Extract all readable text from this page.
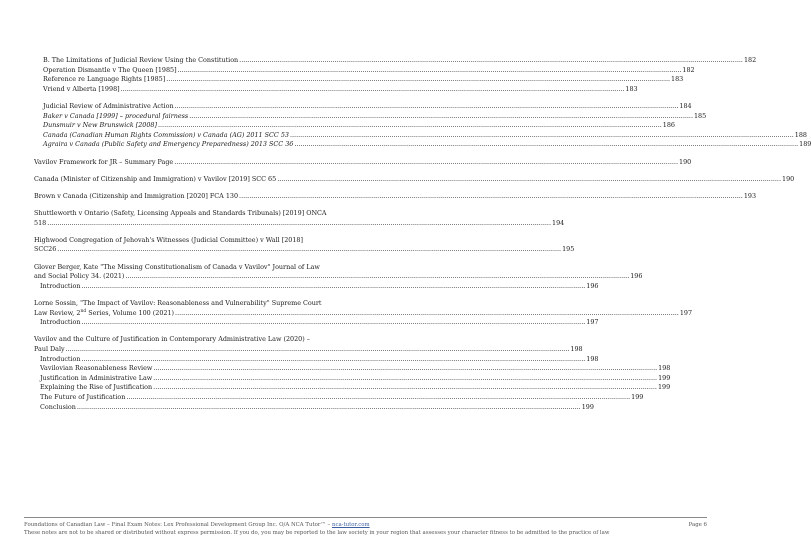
B. The Limitations of Judicial Review Using the Constitution .....	182
Operation Dismantle v The Queen [1985] .....	182
Reference re Language Rights [1985] .....	183
Vriend v Alberta [1998] .....	183
Judicial Review of Administrative Action .....	184
Baker v Canada [1999] – procedural fairness .....	185
Dunsmuir v New Brunswick [2008] .....	186
Canada (Canadian Human Rights Commission) v Canada (AG) 2011 SCC 53 .....	188
Agraira v Canada (Public Safety and Emergency Preparedness) 2013 SCC 36 .....	189
Vavilov Framework for JR – Summary Page .....	190
Canada (Minister of Citizenship and Immigration) v Vavilov [2019] SCC 65 .....	190
Brown v Canada (Citizenship and Immigration [2020] FCA 130 .....	193
Shuttleworth v Ontario (Safety, Licensing Appeals and Standards Tribunals) [2019] ONCA
518 .....	194
Highwood Congregation of Jehovah's Witnesses (Judicial Committee) v Wall [2018]
SCC26 .....	195
Glover Berger, Kate "The Missing Constitutionalism of Canada v Vavilov" Journal of Law
and Social Policy 34. (2021) .....	196
Introduction .....	196
Lorne Sossin, "The Impact of Vavilov: Reasonableness and Vulnerability" Supreme Court
Law Review, 2nd Series, Volume 100 (2021) .....	197
Introduction .....	197
Vavilov and the Culture of Justification in Contemporary Administrative Law (2020) –
Paul Daly .....	198
Introduction .....	198
Vavilovian Reasonableness Review .....	198
Justification in Administrative Law .....	199
Explaining the Rise of Justification .....	199
The Future of Justification .....	199
Conclusion .....	199
Foundations of Canadian Law – Final Exam Notes: Lex Professional Development Group Inc. O/A NCA Tutor™ – nca-tutor.com	Page 6
These notes are not to be shared or distributed without express permission. If you do, you may be reported to the law society in your region that assesses your character fitness to be admitted to the practice of law
